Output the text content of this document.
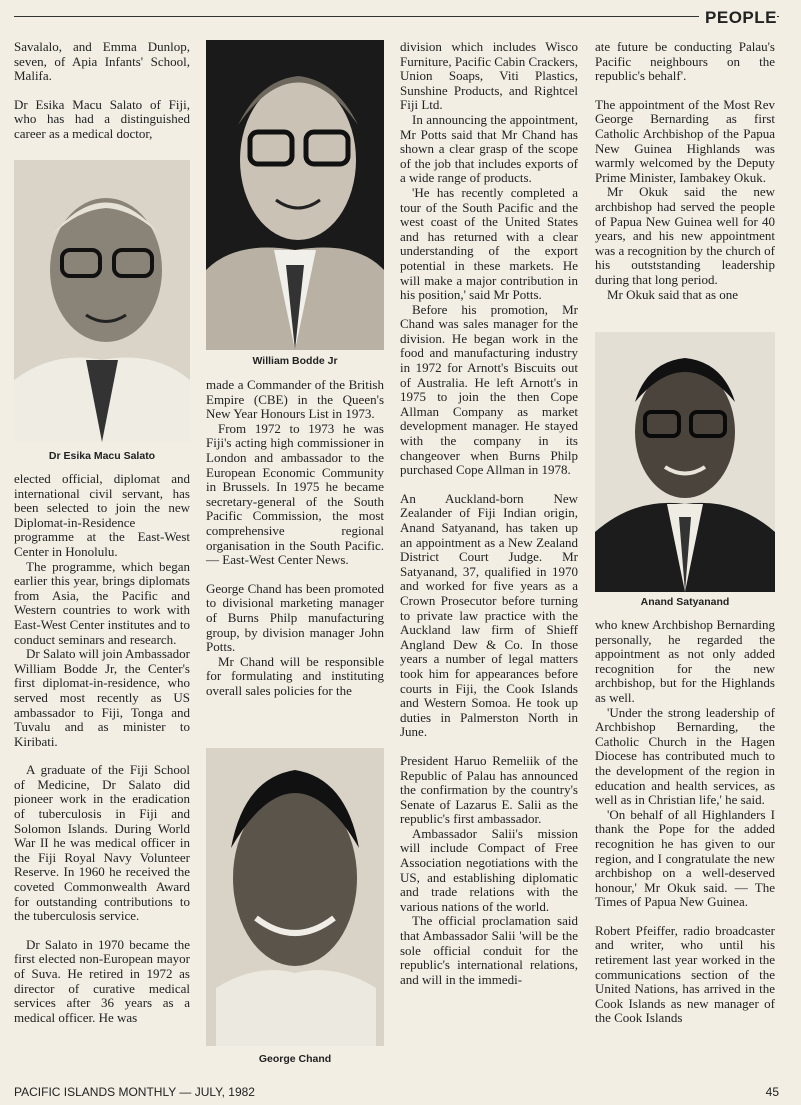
PEOPLE

Savalalo, and Emma Dunlop, seven, of Apia Infants' School, Malifa.

Dr Esika Macu Salato of Fiji, who has had a distinguished career as a medical doctor,

Dr Esika Macu Salato

elected official, diplomat and international civil servant, has been selected to join the new Diplomat-in-Residence programme at the East-West Center in Honolulu.

The programme, which began earlier this year, brings diplomats from Asia, the Pacific and Western countries to work with East-West Center institutes and to conduct seminars and research.

Dr Salato will join Ambassador William Bodde Jr, the Center's first diplomat-in-residence, who served most recently as US ambassador to Fiji, Tonga and Tuvalu and as minister to Kiribati.

A graduate of the Fiji School of Medicine, Dr Salato did pioneer work in the eradication of tuberculosis in Fiji and Solomon Islands. During World War II he was medical officer in the Fiji Royal Navy Volunteer Reserve. In 1960 he received the coveted Commonwealth Award for outstanding contributions to the tuberculosis service.

Dr Salato in 1970 became the first elected non-European mayor of Suva. He retired in 1972 as director of curative medical services after 36 years as a medical officer. He was

William Bodde Jr

made a Commander of the British Empire (CBE) in the Queen's New Year Honours List in 1973.

From 1972 to 1973 he was Fiji's acting high commissioner in London and ambassador to the European Economic Community in Brussels. In 1975 he became secretary-general of the South Pacific Commission, the most comprehensive regional organisation in the South Pacific. — East-West Center News.

George Chand has been promoted to divisional marketing manager of Burns Philp manufacturing group, by division manager John Potts.

Mr Chand will be responsible for formulating and instituting overall sales policies for the

George Chand

division which includes Wisco Furniture, Pacific Cabin Crackers, Union Soaps, Viti Plastics, Sunshine Products, and Rightcel Fiji Ltd.

In announcing the appointment, Mr Potts said that Mr Chand has shown a clear grasp of the scope of the job that includes exports of a wide range of products.

'He has recently completed a tour of the South Pacific and the west coast of the United States and has returned with a clear understanding of the export potential in these markets. He will make a major contribution in his position,' said Mr Potts.

Before his promotion, Mr Chand was sales manager for the division. He began work in the food and manufacturing industry in 1972 for Arnott's Biscuits out of Australia. He left Arnott's in 1975 to join the then Cope Allman Company as market development manager. He stayed with the company in its changeover when Burns Philp purchased Cope Allman in 1978.

An Auckland-born New Zealander of Fiji Indian origin, Anand Satyanand, has taken up an appointment as a New Zealand District Court Judge. Mr Satyanand, 37, qualified in 1970 and worked for five years as a Crown Prosecutor before turning to private law practice with the Auckland law firm of Shieff Angland Dew & Co. In those years a number of legal matters took him for appearances before courts in Fiji, the Cook Islands and Western Somoa. He took up duties in Palmerston North in June.

President Haruo Remeliik of the Republic of Palau has announced the confirmation by the country's Senate of Lazarus E. Salii as the republic's first ambassador.

Ambassador Salii's mission will include Compact of Free Association negotiations with the US, and establishing diplomatic and trade relations with the various nations of the world.

The official proclamation said that Ambassador Salii 'will be the sole official conduit for the republic's international relations, and will in the immedi-

ate future be conducting Palau's Pacific neighbours on the republic's behalf'.

The appointment of the Most Rev George Bernarding as first Catholic Archbishop of the Papua New Guinea Highlands was warmly welcomed by the Deputy Prime Minister, Iambakey Okuk.

Mr Okuk said the new archbishop had served the people of Papua New Guinea well for 40 years, and his new appointment was a recognition by the church of his outststanding leadership during that long period.

Mr Okuk said that as one

Anand Satyanand

who knew Archbishop Bernarding personally, he regarded the appointment as not only added recognition for the new archbishop, but for the Highlands as well.

'Under the strong leadership of Archbishop Bernarding, the Catholic Church in the Hagen Diocese has contributed much to the development of the region in education and health services, as well as in Christian life,' he said.

'On behalf of all Highlanders I thank the Pope for the added recognition he has given to our region, and I congratulate the new archbishop on a well-deserved honour,' Mr Okuk said. — The Times of Papua New Guinea.

Robert Pfeiffer, radio broadcaster and writer, who until his retirement last year worked in the communications section of the United Nations, has arrived in the Cook Islands as new manager of the Cook Islands

PACIFIC ISLANDS MONTHLY — JULY, 1982	45
